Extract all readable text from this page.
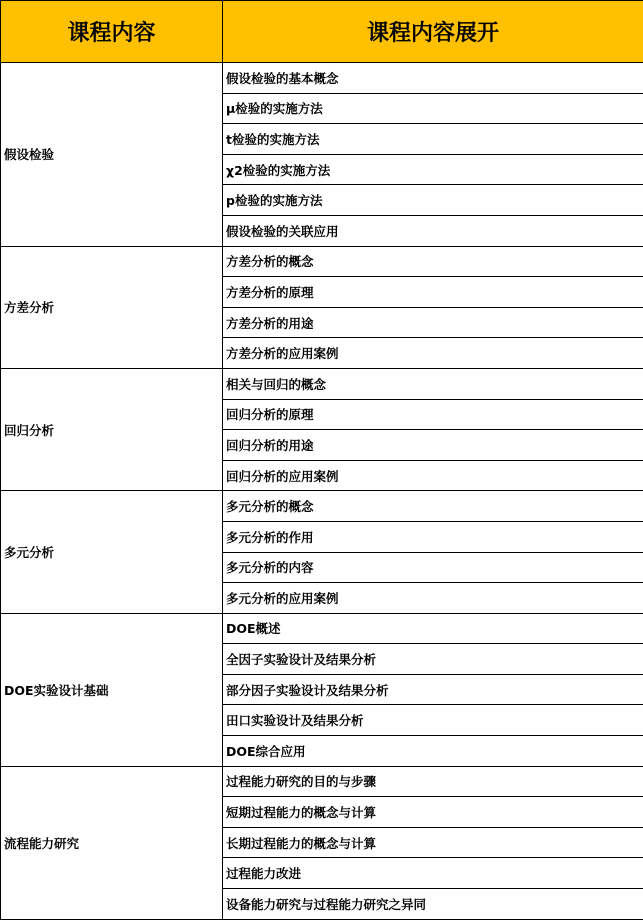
课程内容	课程内容展开
假设检验	假设检验的基本概念
	μ检验的实施方法
	t检验的实施方法
	χ2检验的实施方法
	p检验的实施方法
	假设检验的关联应用
方差分析	方差分析的概念
	方差分析的原理
	方差分析的用途
	方差分析的应用案例
回归分析	相关与回归的概念
	回归分析的原理
	回归分析的用途
	回归分析的应用案例
多元分析	多元分析的概念
	多元分析的作用
	多元分析的内容
	多元分析的应用案例
DOE实验设计基础	DOE概述
	全因子实验设计及结果分析
	部分因子实验设计及结果分析
	田口实验设计及结果分析
	DOE综合应用
流程能力研究	过程能力研究的目的与步骤
	短期过程能力的概念与计算
	长期过程能力的概念与计算
	过程能力改进
	设备能力研究与过程能力研究之异同
